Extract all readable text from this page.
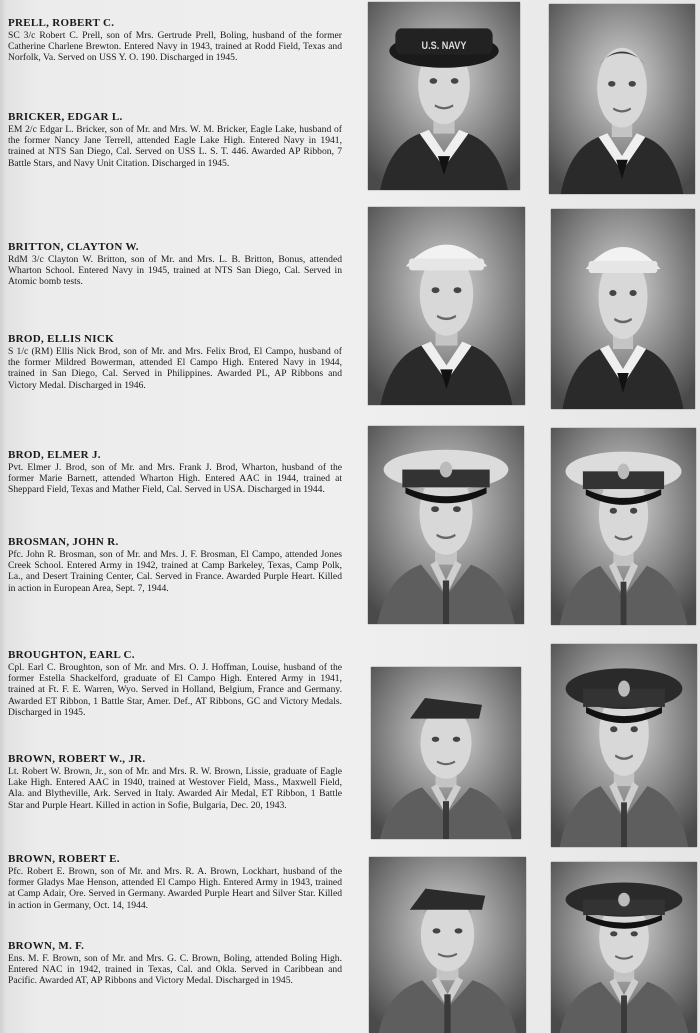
PRELL, ROBERT C.

SC 3/c Robert C. Prell, son of Mrs. Gertrude Prell, Boling, husband of the former Catherine Charlene Brewton. Entered Navy in 1943, trained at Rodd Field, Texas and Norfolk, Va. Served on USS Y. O. 190. Discharged in 1945.

BRICKER, EDGAR L.

EM 2/c Edgar L. Bricker, son of Mr. and Mrs. W. M. Bricker, Eagle Lake, husband of the former Nancy Jane Terrell, attended Eagle Lake High. Entered Navy in 1941, trained at NTS San Diego, Cal. Served on USS L. S. T. 446. Awarded AP Ribbon, 7 Battle Stars, and Navy Unit Citation. Discharged in 1945.

BRITTON, CLAYTON W.

RdM 3/c Clayton W. Britton, son of Mr. and Mrs. L. B. Britton, Bonus, attended Wharton School. Entered Navy in 1945, trained at NTS San Diego, Cal. Served in Atomic bomb tests.

BROD, ELLIS NICK

S 1/c (RM) Ellis Nick Brod, son of Mr. and Mrs. Felix Brod, El Campo, husband of the former Mildred Bowerman, attended El Campo High. Entered Navy in 1944, trained in San Diego, Cal. Served in Philippines. Awarded PL, AP Ribbons and Victory Medal. Discharged in 1946.

BROD, ELMER J.

Pvt. Elmer J. Brod, son of Mr. and Mrs. Frank J. Brod, Wharton, husband of the former Marie Barnett, attended Wharton High. Entered AAC in 1944, trained at Sheppard Field, Texas and Mather Field, Cal. Served in USA. Discharged in 1944.

BROSMAN, JOHN R.

Pfc. John R. Brosman, son of Mr. and Mrs. J. F. Brosman, El Campo, attended Jones Creek School. Entered Army in 1942, trained at Camp Barkeley, Texas, Camp Polk, La., and Desert Training Center, Cal. Served in France. Awarded Purple Heart. Killed in action in European Area, Sept. 7, 1944.

BROUGHTON, EARL C.

Cpl. Earl C. Broughton, son of Mr. and Mrs. O. J. Hoffman, Louise, husband of the former Estella Shackelford, graduate of El Campo High. Entered Army in 1941, trained at Ft. F. E. Warren, Wyo. Served in Holland, Belgium, France and Germany. Awarded ET Ribbon, 1 Battle Star, Amer. Def., AT Ribbons, GC and Victory Medals. Discharged in 1945.

BROWN, ROBERT W., JR.

Lt. Robert W. Brown, Jr., son of Mr. and Mrs. R. W. Brown, Lissie, graduate of Eagle Lake High. Entered AAC in 1940, trained at Westover Field, Mass., Maxwell Field, Ala. and Blytheville, Ark. Served in Italy. Awarded Air Medal, ET Ribbon, 1 Battle Star and Purple Heart. Killed in action in Sofie, Bulgaria, Dec. 20, 1943.

BROWN, ROBERT E.

Pfc. Robert E. Brown, son of Mr. and Mrs. R. A. Brown, Lockhart, husband of the former Gladys Mae Henson, attended El Campo High. Entered Army in 1943, trained at Camp Adair, Ore. Served in Germany. Awarded Purple Heart and Silver Star. Killed in action in Germany, Oct. 14, 1944.

BROWN, M. F.

Ens. M. F. Brown, son of Mr. and Mrs. G. C. Brown, Boling, attended Boling High. Entered NAC in 1942, trained in Texas, Cal. and Okla. Served in Caribbean and Pacific. Awarded AT, AP Ribbons and Victory Medal. Discharged in 1945.

U.S. NAVY
